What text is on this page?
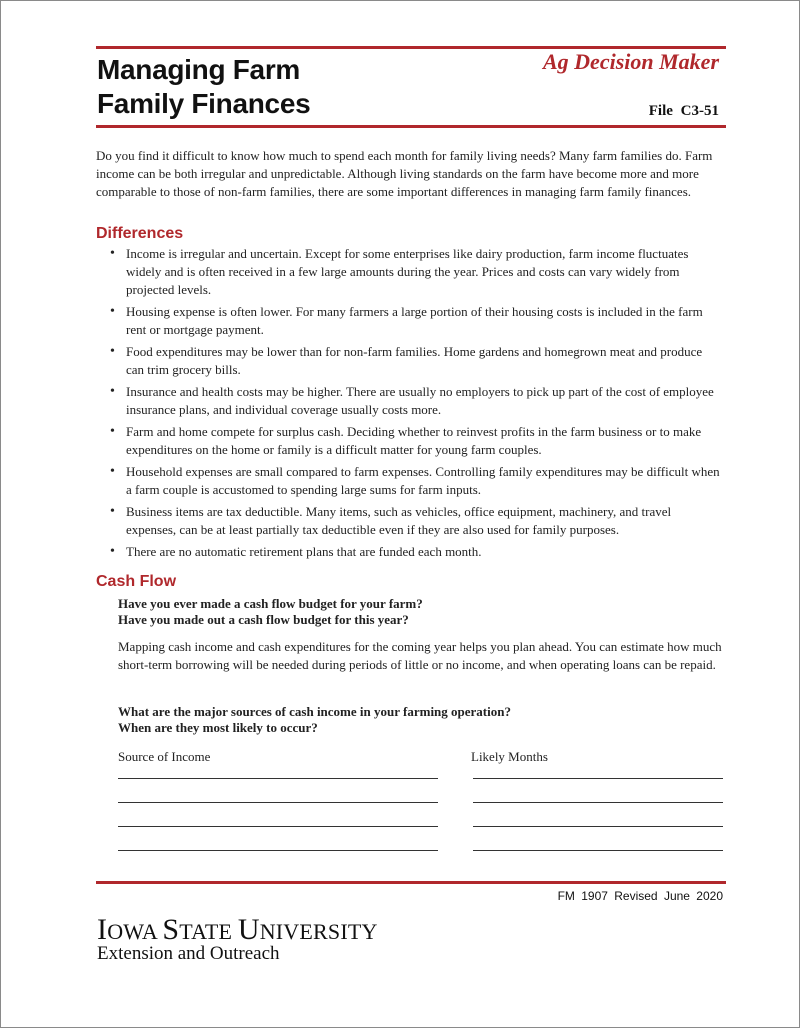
Managing Farm
Family Finances
Ag Decision Maker
File C3-51
Do you find it difficult to know how much to spend each month for family living needs? Many farm families do. Farm income can be both irregular and unpredictable. Although living standards on the farm have become more and more comparable to those of non-farm families, there are some important differences in managing farm family finances.
Differences
• Income is irregular and uncertain. Except for some enterprises like dairy production, farm income fluctuates widely and is often received in a few large amounts during the year. Prices and costs can vary widely from projected levels.
• Housing expense is often lower. For many farmers a large portion of their housing costs is included in the farm rent or mortgage payment.
• Food expenditures may be lower than for non-farm families. Home gardens and homegrown meat and produce can trim grocery bills.
• Insurance and health costs may be higher. There are usually no employers to pick up part of the cost of employee insurance plans, and individual coverage usually costs more.
• Farm and home compete for surplus cash. Deciding whether to reinvest profits in the farm business or to make expenditures on the home or family is a difficult matter for young farm couples.
• Household expenses are small compared to farm expenses. Controlling family expenditures may be difficult when a farm couple is accustomed to spending large sums for farm inputs.
• Business items are tax deductible. Many items, such as vehicles, office equipment, machinery, and travel expenses, can be at least partially tax deductible even if they are also used for family purposes.
• There are no automatic retirement plans that are funded each month.
Cash Flow
Have you ever made a cash flow budget for your farm?
Have you made out a cash flow budget for this year?
Mapping cash income and cash expenditures for the coming year helps you plan ahead. You can estimate how much short-term borrowing will be needed during periods of little or no income, and when operating loans can be repaid.
What are the major sources of cash income in your farming operation?
When are they most likely to occur?
Source of Income	Likely Months
FM 1907 Revised June 2020
IOWA STATE UNIVERSITY
Extension and Outreach
